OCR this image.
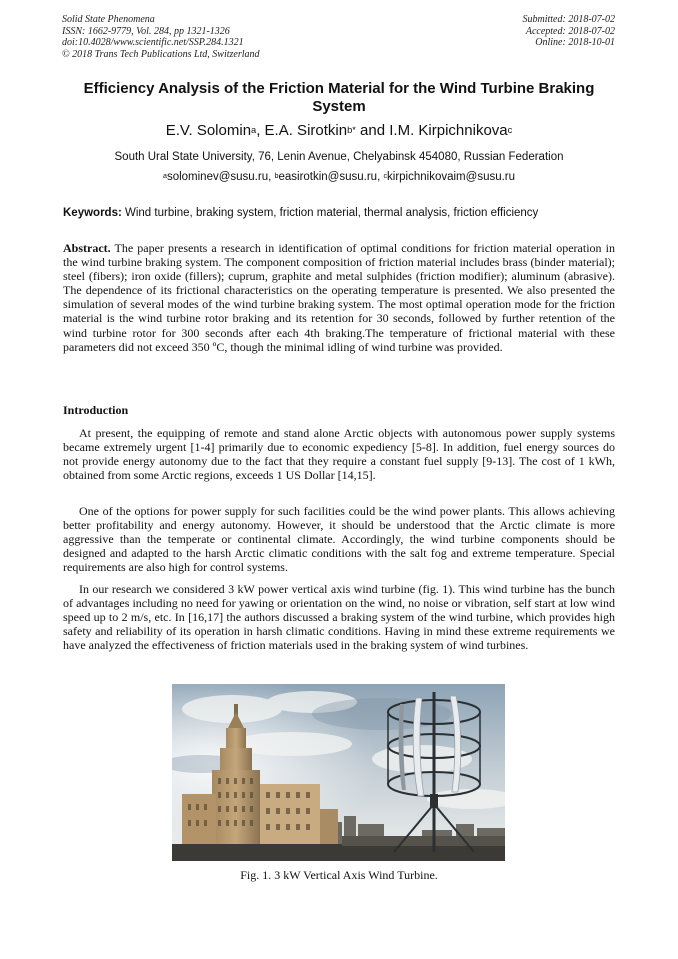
Solid State Phenomena
ISSN: 1662-9779, Vol. 284, pp 1321-1326
doi:10.4028/www.scientific.net/SSP.284.1321
© 2018 Trans Tech Publications Ltd, Switzerland
Submitted: 2018-07-02
Accepted: 2018-07-02
Online: 2018-10-01
Efficiency Analysis of the Friction Material for the Wind Turbine Braking System
E.V. Solomin$^a$, E.A. Sirotkin$^{b*}$ and I.M. Kirpichnikova$^c$
South Ural State University, 76, Lenin Avenue, Chelyabinsk 454080, Russian Federation
$^a$solominev@susu.ru, $^b$easirotkin@susu.ru, $^c$kirpichnikovaim@susu.ru
Keywords: Wind turbine, braking system, friction material, thermal analysis, friction efficiency

Abstract. The paper presents a research in identification of optimal conditions for friction material operation in the wind turbine braking system. The component composition of friction material includes brass (binder material); steel (fibers); iron oxide (fillers); cuprum, graphite and metal sulphides (friction modifier); aluminum (abrasive). The dependence of its frictional characteristics on the operating temperature is presented. We also presented the simulation of several modes of the wind turbine braking system. The most optimal operation mode for the friction material is the wind turbine rotor braking and its retention for 30 seconds, followed by further retention of the wind turbine rotor for 300 seconds after each 4th braking.The temperature of frictional material with these parameters did not exceed 350 ºC, though the minimal idling of wind turbine was provided.

Introduction

At present, the equipping of remote and stand alone Arctic objects with autonomous power supply systems became extremely urgent [1-4] primarily due to economic expediency [5-8]. In addition, fuel energy sources do not provide energy autonomy due to the fact that they require a constant fuel supply [9-13]. The cost of 1 kWh, obtained from some Arctic regions, exceeds 1 US Dollar [14,15].

One of the options for power supply for such facilities could be the wind power plants. This allows achieving better profitability and energy autonomy. However, it should be understood that the Arctic climate is more aggressive than the temperate or continental climate. Accordingly, the wind turbine components should be designed and adapted to the harsh Arctic climatic conditions with the salt fog and extreme temperature. Special requirements are also high for control systems.

In our research we considered 3 kW power vertical axis wind turbine (fig. 1). This wind turbine has the bunch of advantages including no need for yawing or orientation on the wind, no noise or vibration, self start at low wind speed up to 2 m/s, etc. In [16,17] the authors discussed a braking system of the wind turbine, which provides high safety and reliability of its operation in harsh climatic conditions. Having in mind these extreme requirements we have analyzed the effectiveness of friction materials used in the braking system of wind turbines.

Fig. 1. 3 kW Vertical Axis Wind Turbine.
